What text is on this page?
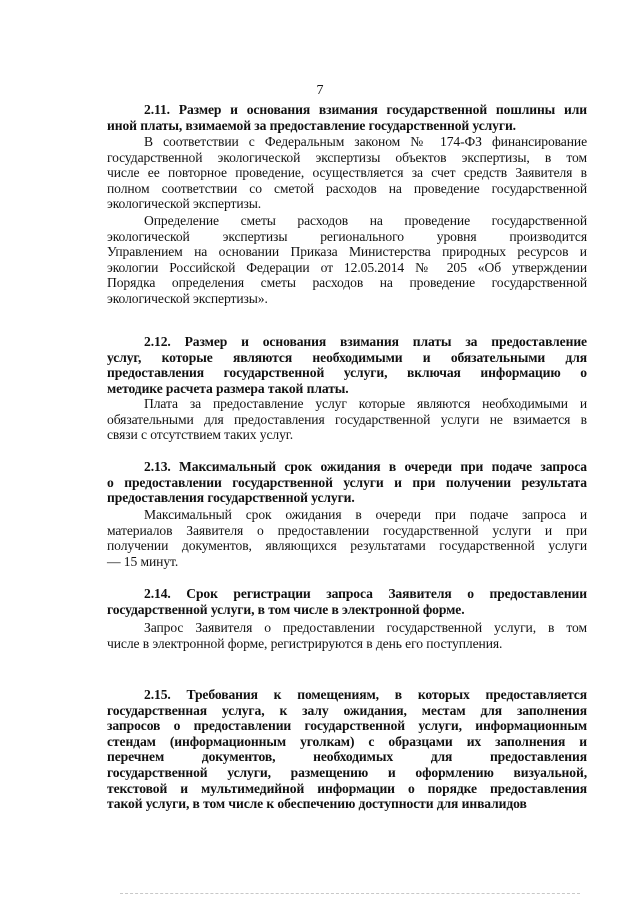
7
2.11. Размер и основания взимания государственной пошлины или
иной платы, взимаемой за предоставление государственной услуги.
В соответствии с Федеральным законом № 174-ФЗ финансирование
государственной экологической экспертизы объектов экспертизы, в том
числе ее повторное проведение, осуществляется за счет средств Заявителя в
полном соответствии со сметой расходов на проведение государственной
экологической экспертизы.
Определение сметы расходов на проведение государственной
экологической экспертизы регионального уровня производится
Управлением на основании Приказа Министерства природных ресурсов и
экологии Российской Федерации от 12.05.2014 № 205 «Об утверждении
Порядка определения сметы расходов на проведение государственной
экологической экспертизы».
2.12. Размер и основания взимания платы за предоставление
услуг, которые являются необходимыми и обязательными для
предоставления государственной услуги, включая информацию о
методике расчета размера такой платы.
Плата за предоставление услуг которые являются необходимыми и
обязательными для предоставления государственной услуги не взимается в
связи с отсутствием таких услуг.
2.13. Максимальный срок ожидания в очереди при подаче запроса
о предоставлении государственной услуги и при получении результата
предоставления государственной услуги.
Максимальный срок ожидания в очереди при подаче запроса и
материалов Заявителя о предоставлении государственной услуги и при
получении документов, являющихся результатами государственной услуги
— 15 минут.
2.14. Срок регистрации запроса Заявителя о предоставлении
государственной услуги, в том числе в электронной форме.
Запрос Заявителя о предоставлении государственной услуги, в том
числе в электронной форме, регистрируются в день его поступления.
2.15. Требования к помещениям, в которых предоставляется
государственная услуга, к залу ожидания, местам для заполнения
запросов о предоставлении государственной услуги, информационным
стендам (информационным уголкам) с образцами их заполнения и
перечнем документов, необходимых для предоставления
государственной услуги, размещению и оформлению визуальной,
текстовой и мультимедийной информации о порядке предоставления
такой услуги, в том числе к обеспечению доступности для инвалидов
